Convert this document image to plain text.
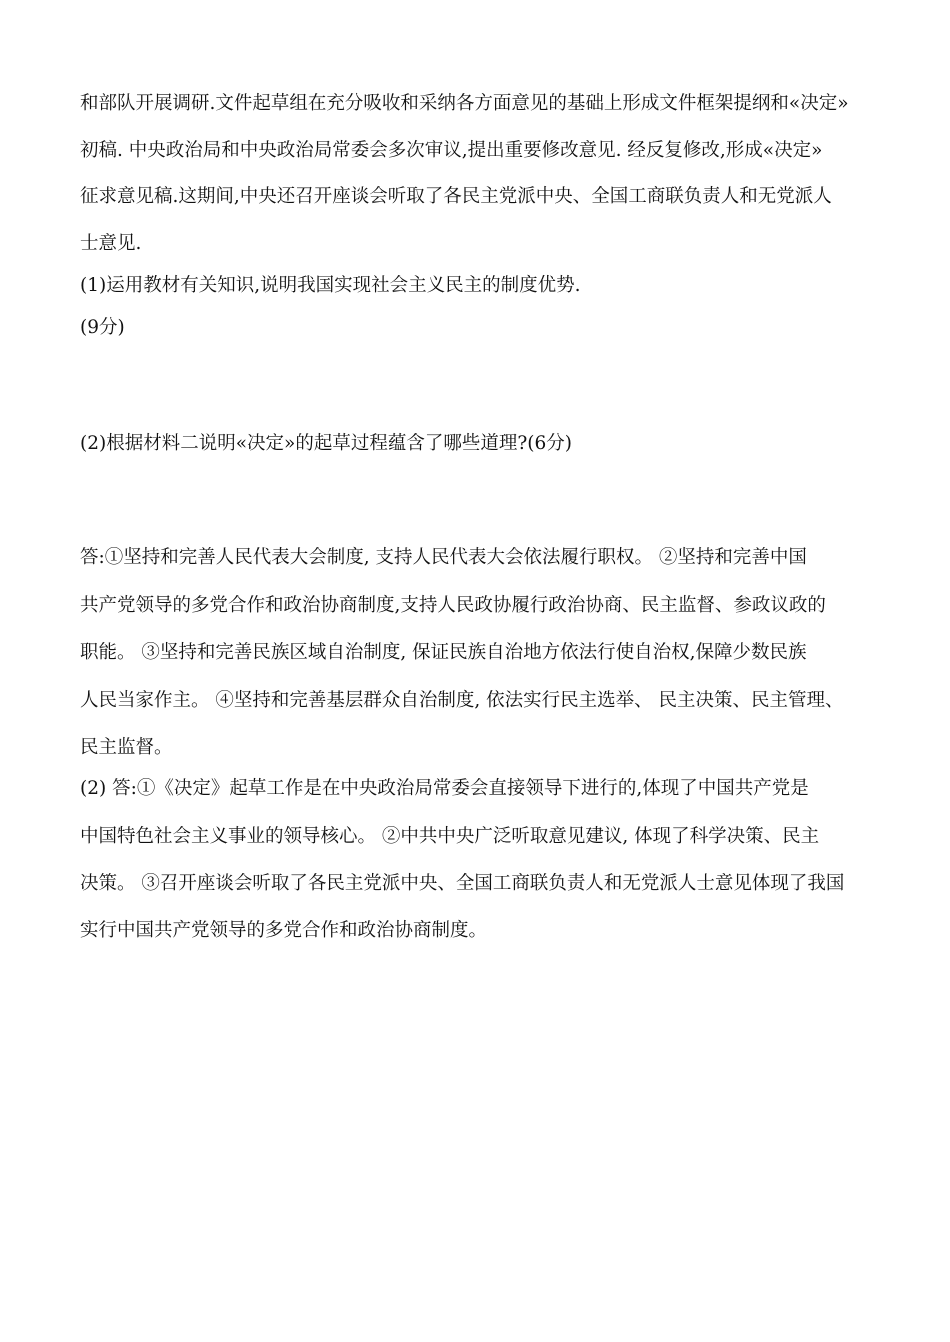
和部队开展调研.文件起草组在充分吸收和采纳各方面意见的基础上形成文件框架提纲和«决定»
初稿. 中央政治局和中央政治局常委会多次审议,提出重要修改意见. 经反复修改,形成«决定»
征求意见稿.这期间,中央还召开座谈会听取了各民主党派中央、全国工商联负责人和无党派人
士意见.
(1)运用教材有关知识,说明我国实现社会主义民主的制度优势.
(9分)
(2)根据材料二说明«决定»的起草过程蕴含了哪些道理?(6分)
答:①坚持和完善人民代表大会制度, 支持人民代表大会依法履行职权。 ②坚持和完善中国
共产党领导的多党合作和政治协商制度,支持人民政协履行政治协商、民主监督、参政议政的
职能。 ③坚持和完善民族区域自治制度, 保证民族自治地方依法行使自治权,保障少数民族
人民当家作主。 ④坚持和完善基层群众自治制度, 依法实行民主选举、 民主决策、民主管理、
民主监督。
(2) 答:①《决定》起草工作是在中央政治局常委会直接领导下进行的,体现了中国共产党是
中国特色社会主义事业的领导核心。 ②中共中央广泛听取意见建议, 体现了科学决策、民主
决策。 ③召开座谈会听取了各民主党派中央、全国工商联负责人和无党派人士意见体现了我国
实行中国共产党领导的多党合作和政治协商制度。
